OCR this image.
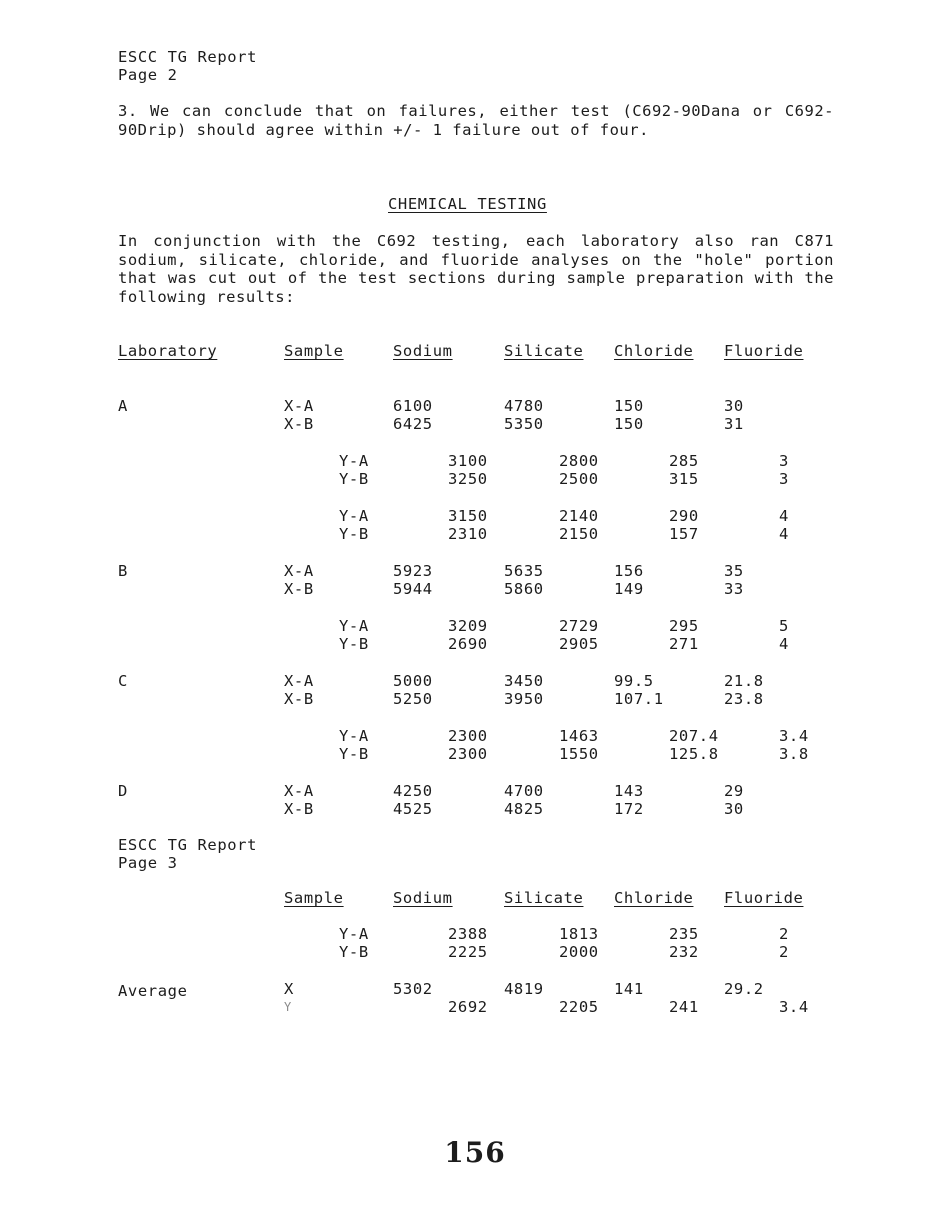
ESCC TG Report
Page 2
3. We can conclude that on failures, either test (C692-90Dana or C692-90Drip) should agree within +/- 1 failure out of four.
CHEMICAL TESTING
In conjunction with the C692 testing, each laboratory also ran C871 sodium, silicate, chloride, and fluoride analyses on the "hole" portion that was cut out of the test sections during sample preparation with the following results:
Laboratory	Sample	Sodium	Silicate Chloride Fluoride
A	X-A	6100	4780	150	30
X-B	6425	5350	150	31
Y-A	3100	2800	285	3
Y-B	3250	2500	315	3
Y-A	3150	2140	290	4
Y-B	2310	2150	157	4
B	X-A	5923	5635	156	35
X-B	5944	5860	149	33
Y-A	3209	2729	295	5
Y-B	2690	2905	271	4
C	X-A	5000	3450	99.5	21.8
X-B	5250	3950	107.1	23.8
Y-A	2300	1463	207.4	3.4
Y-B	2300	1550	125.8	3.8
D	X-A	4250	4700	143	29
X-B	4525	4825	172	30
ESCC TG Report
Page 3
Sample	Sodium	Silicate Chloride Fluoride
Y-A	2388	1813	235	2
Y-B	2225	2000	232	2
Average	X	5302	4819	141	29.2
Y	2692	2205	241	3.4
156
